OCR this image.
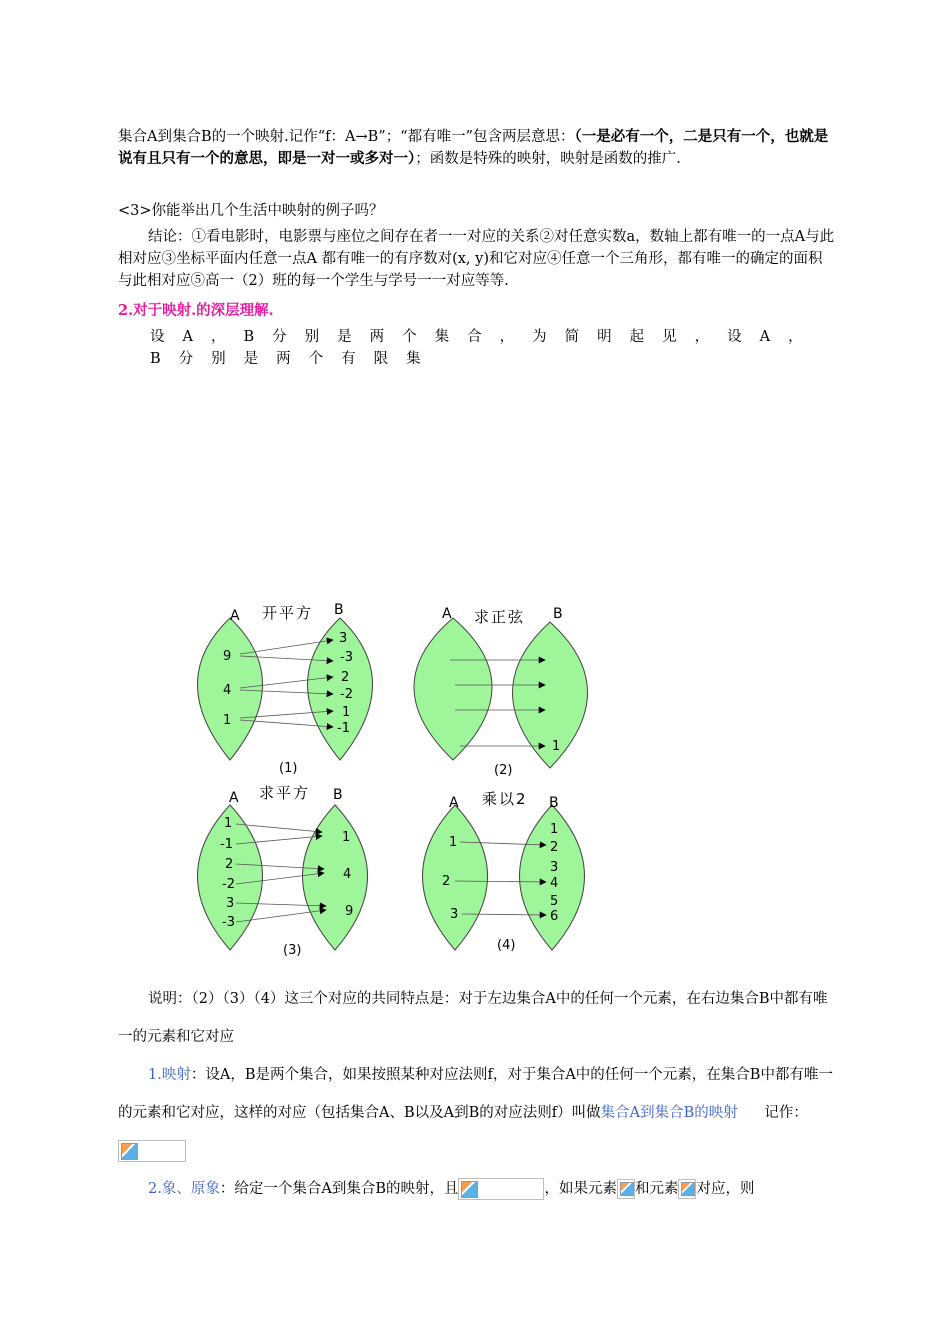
集合A到集合B的一个映射.记作“f：A→B”；“都有唯一”包含两层意思：（一是必有一个，二是只有一个，也就是说有且只有一个的意思，即是一对一或多对一）；函数是特殊的映射，映射是函数的推广.

<3>你能举出几个生活中映射的例子吗？

结论：①看电影时，电影票与座位之间存在者一一对应的关系②对任意实数a，数轴上都有唯一的一点A与此相对应③坐标平面内任意一点A 都有唯一的有序数对(x, y)和它对应④任意一个三角形，都有唯一的确定的面积与此相对应⑤高一（2）班的每一个学生与学号一一对应等等.

2.对于映射.的深层理解.

设A，B分别是两个集合，为简明起见，设A，B分别是两个有限集

A	B
开平方
(1)
9
4
1
3
-3
2
-2
1
-1
A	B
求正弦
(2)
1
A	B
求平方
(3)
1
-1
2
-2
3
-3
1
4
9
A	B
乘以2
(4)
1
2
3
1
2
3
4
5
6

说明：（2）（3）（4）这三个对应的共同特点是：对于左边集合A中的任何一个元素，在右边集合B中都有唯一的元素和它对应

1.映射：设A，B是两个集合，如果按照某种对应法则f，对于集合A中的任何一个元素，在集合B中都有唯一的元素和它对应，这样的对应（包括集合A、B以及A到B的对应法则f）叫做集合A到集合B的映射 记作：

2.象、原象：给定一个集合A到集合B的映射，且	，如果元素 和元素 对应，则
